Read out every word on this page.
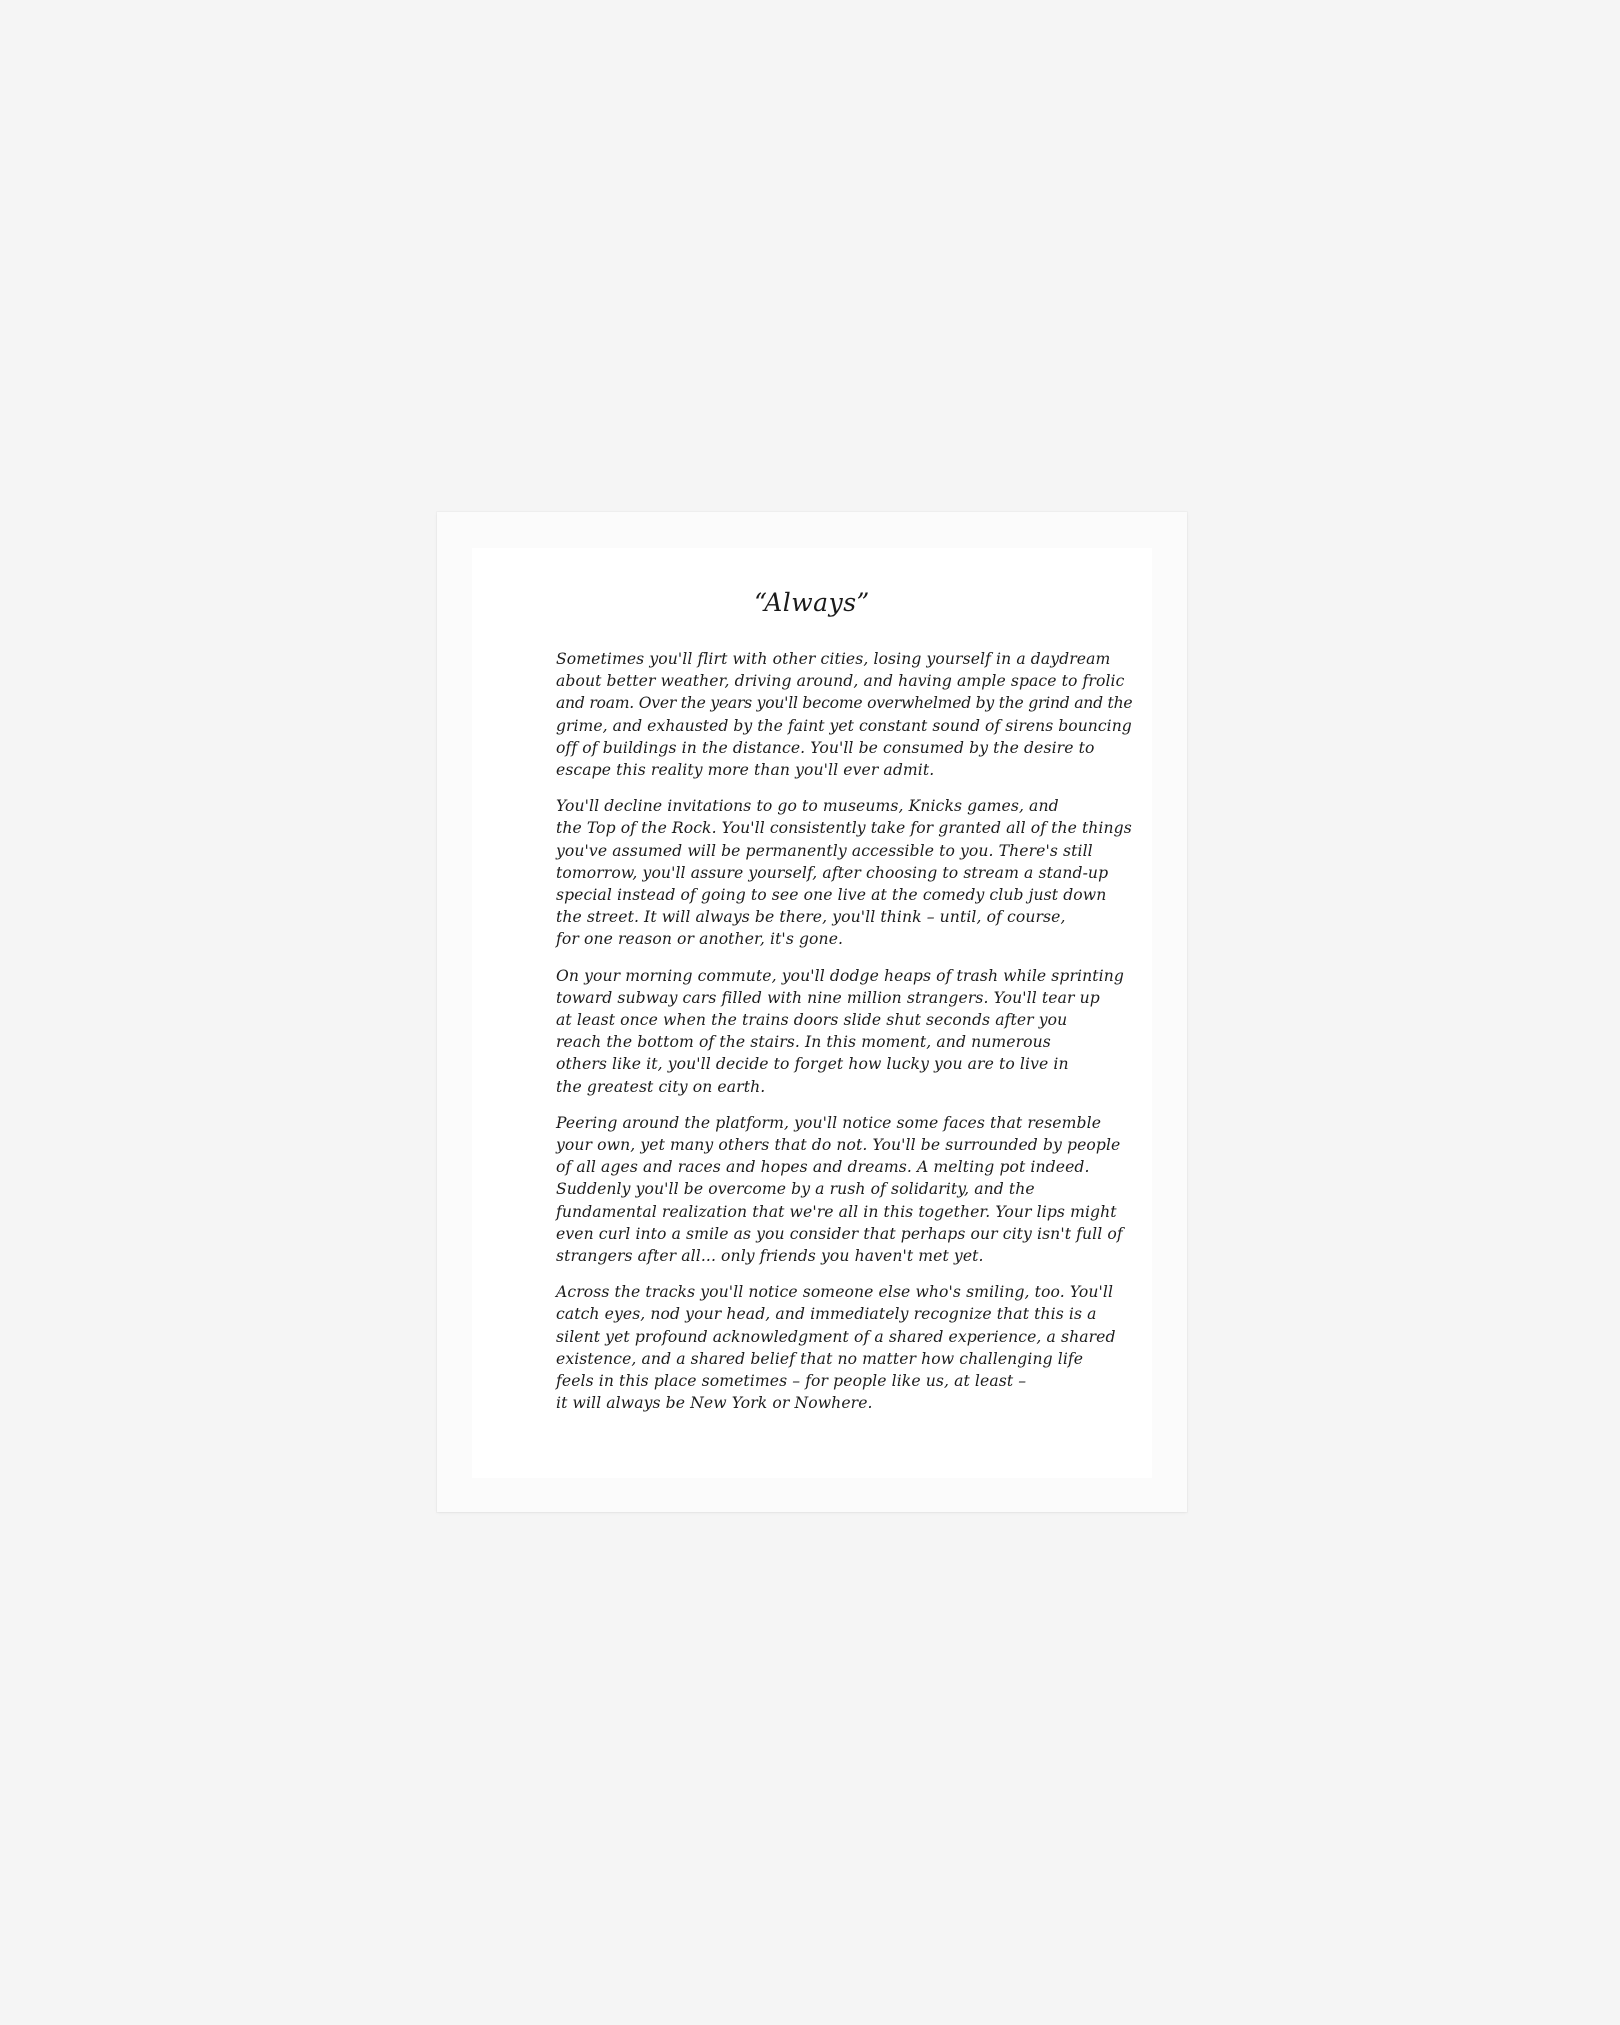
“Always”

Sometimes you'll flirt with other cities, losing yourself in a daydream
about better weather, driving around, and having ample space to frolic
and roam. Over the years you'll become overwhelmed by the grind and the
grime, and exhausted by the faint yet constant sound of sirens bouncing
off of buildings in the distance. You'll be consumed by the desire to
escape this reality more than you'll ever admit.

You'll decline invitations to go to museums, Knicks games, and
the Top of the Rock. You'll consistently take for granted all of the things
you've assumed will be permanently accessible to you. There's still
tomorrow, you'll assure yourself, after choosing to stream a stand-up
special instead of going to see one live at the comedy club just down
the street. It will always be there, you'll think – until, of course,
for one reason or another, it's gone.

On your morning commute, you'll dodge heaps of trash while sprinting
toward subway cars filled with nine million strangers. You'll tear up
at least once when the trains doors slide shut seconds after you
reach the bottom of the stairs. In this moment, and numerous
others like it, you'll decide to forget how lucky you are to live in
the greatest city on earth.

Peering around the platform, you'll notice some faces that resemble
your own, yet many others that do not. You'll be surrounded by people
of all ages and races and hopes and dreams. A melting pot indeed.
Suddenly you'll be overcome by a rush of solidarity, and the
fundamental realization that we're all in this together. Your lips might
even curl into a smile as you consider that perhaps our city isn't full of
strangers after all... only friends you haven't met yet.

Across the tracks you'll notice someone else who's smiling, too. You'll
catch eyes, nod your head, and immediately recognize that this is a
silent yet profound acknowledgment of a shared experience, a shared
existence, and a shared belief that no matter how challenging life
feels in this place sometimes – for people like us, at least –
it will always be New York or Nowhere.
